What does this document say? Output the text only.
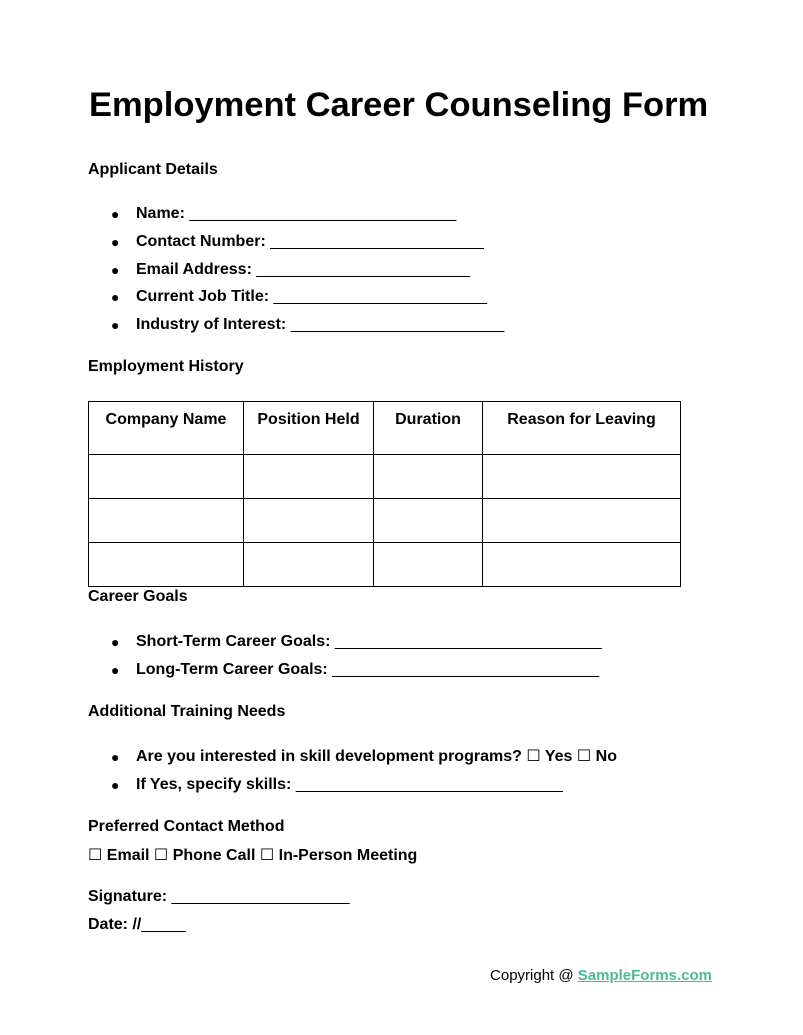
Employment Career Counseling Form
Applicant Details
● Name: ______________________________
● Contact Number: ________________________
● Email Address: ________________________
● Current Job Title: ________________________
● Industry of Interest: ________________________
Employment History
Company Name	Position Held	Duration	Reason for Leaving

Career Goals
● Short-Term Career Goals: ______________________________
● Long-Term Career Goals: ______________________________
Additional Training Needs
● Are you interested in skill development programs? ☐ Yes ☐ No
● If Yes, specify skills: ______________________________
Preferred Contact Method
☐ Email ☐ Phone Call ☐ In-Person Meeting
Signature: ____________________
Date: //_____
Copyright @ SampleForms.com
